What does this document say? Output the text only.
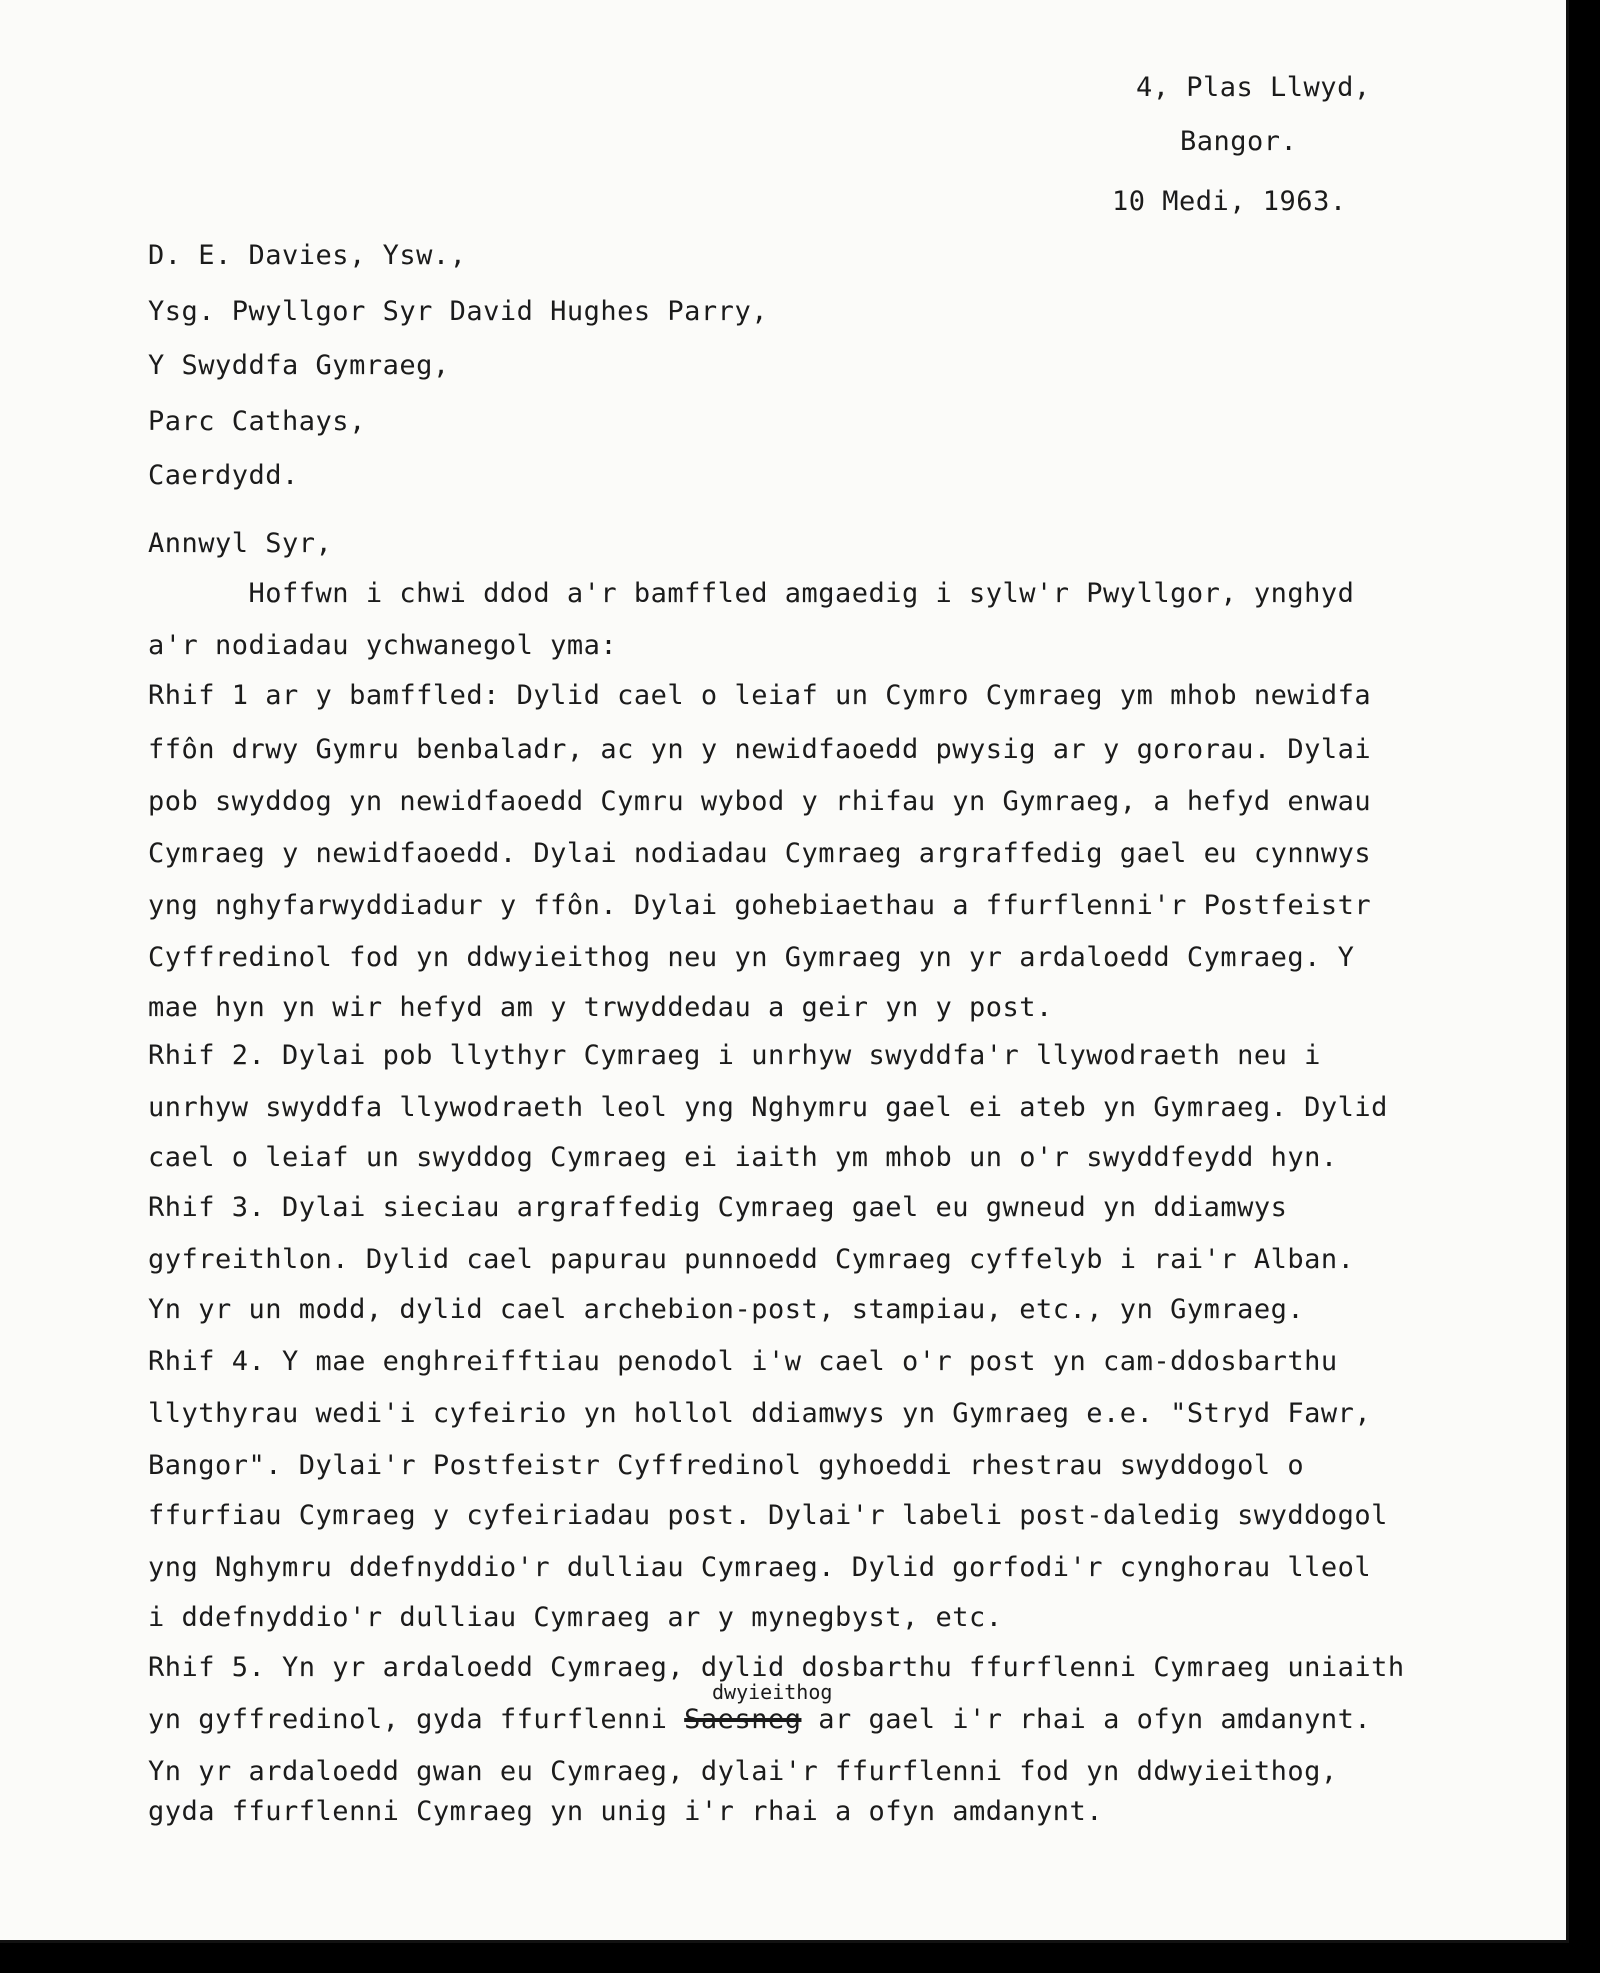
4, Plas Llwyd,
Bangor.
10 Medi, 1963.
D. E. Davies, Ysw.,
Ysg. Pwyllgor Syr David Hughes Parry,
Y Swyddfa Gymraeg,
Parc Cathays,
Caerdydd.
Annwyl Syr,
Hoffwn i chwi ddod a'r bamffled amgaedig i sylw'r Pwyllgor, ynghyd
a'r nodiadau ychwanegol yma:
Rhif 1 ar y bamffled: Dylid cael o leiaf un Cymro Cymraeg ym mhob newidfa
ffôn drwy Gymru benbaladr, ac yn y newidfaoedd pwysig ar y gororau. Dylai
pob swyddog yn newidfaoedd Cymru wybod y rhifau yn Gymraeg, a hefyd enwau
Cymraeg y newidfaoedd. Dylai nodiadau Cymraeg argraffedig gael eu cynnwys
yng nghyfarwyddiadur y ffôn. Dylai gohebiaethau a ffurflenni'r Postfeistr
Cyffredinol fod yn ddwyieithog neu yn Gymraeg yn yr ardaloedd Cymraeg. Y
mae hyn yn wir hefyd am y trwyddedau a geir yn y post.
Rhif 2. Dylai pob llythyr Cymraeg i unrhyw swyddfa'r llywodraeth neu i
unrhyw swyddfa llywodraeth leol yng Nghymru gael ei ateb yn Gymraeg. Dylid
cael o leiaf un swyddog Cymraeg ei iaith ym mhob un o'r swyddfeydd hyn.
Rhif 3. Dylai sieciau argraffedig Cymraeg gael eu gwneud yn ddiamwys
gyfreithlon. Dylid cael papurau punnoedd Cymraeg cyffelyb i rai'r Alban.
Yn yr un modd, dylid cael archebion-post, stampiau, etc., yn Gymraeg.
Rhif 4. Y mae enghreifftiau penodol i'w cael o'r post yn cam-ddosbarthu
llythyrau wedi'i cyfeirio yn hollol ddiamwys yn Gymraeg e.e. "Stryd Fawr,
Bangor". Dylai'r Postfeistr Cyffredinol gyhoeddi rhestrau swyddogol o
ffurfiau Cymraeg y cyfeiriadau post. Dylai'r labeli post-daledig swyddogol
yng Nghymru ddefnyddio'r dulliau Cymraeg. Dylid gorfodi'r cynghorau lleol
i ddefnyddio'r dulliau Cymraeg ar y mynegbyst, etc.
Rhif 5. Yn yr ardaloedd Cymraeg, dylid dosbarthu ffurflenni Cymraeg uniaith
dwyieithog
yn gyffredinol, gyda ffurflenni Saesneg ar gael i'r rhai a ofyn amdanynt.
Yn yr ardaloedd gwan eu Cymraeg, dylai'r ffurflenni fod yn ddwyieithog,
gyda ffurflenni Cymraeg yn unig i'r rhai a ofyn amdanynt.
